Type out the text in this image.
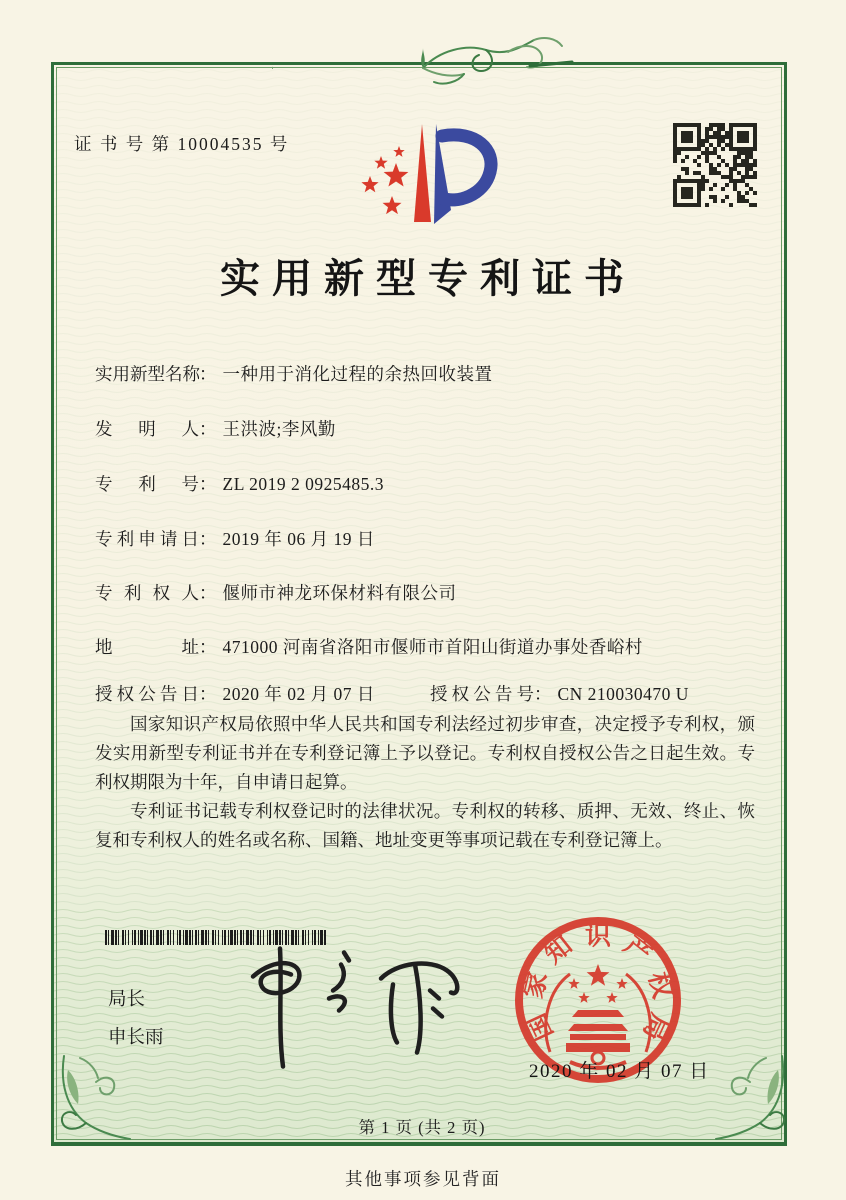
证 书 号 第 10004535 号
实用新型专利证书
实用新型名称： 一种用于消化过程的余热回收装置
发明人： 王洪波;李风勤
专利号： ZL 2019 2 0925485.3
专利申请日： 2019 年 06 月 19 日
专利权人： 偃师市神龙环保材料有限公司
地址： 471000 河南省洛阳市偃师市首阳山街道办事处香峪村
授权公告日： 2020 年 02 月 07 日	授权公告号： CN 210030470 U

国家知识产权局依照中华人民共和国专利法经过初步审查，决定授予专利权，颁发实用新型专利证书并在专利登记簿上予以登记。专利权自授权公告之日起生效。专利权期限为十年，自申请日起算。

专利证书记载专利权登记时的法律状况。专利权的转移、质押、无效、终止、恢复和专利权人的姓名或名称、国籍、地址变更等事项记载在专利登记簿上。

局长
申长雨	国
家
知 识 产
权
局
2020 年 02 月 07 日
第 1 页 (共 2 页)
其他事项参见背面
